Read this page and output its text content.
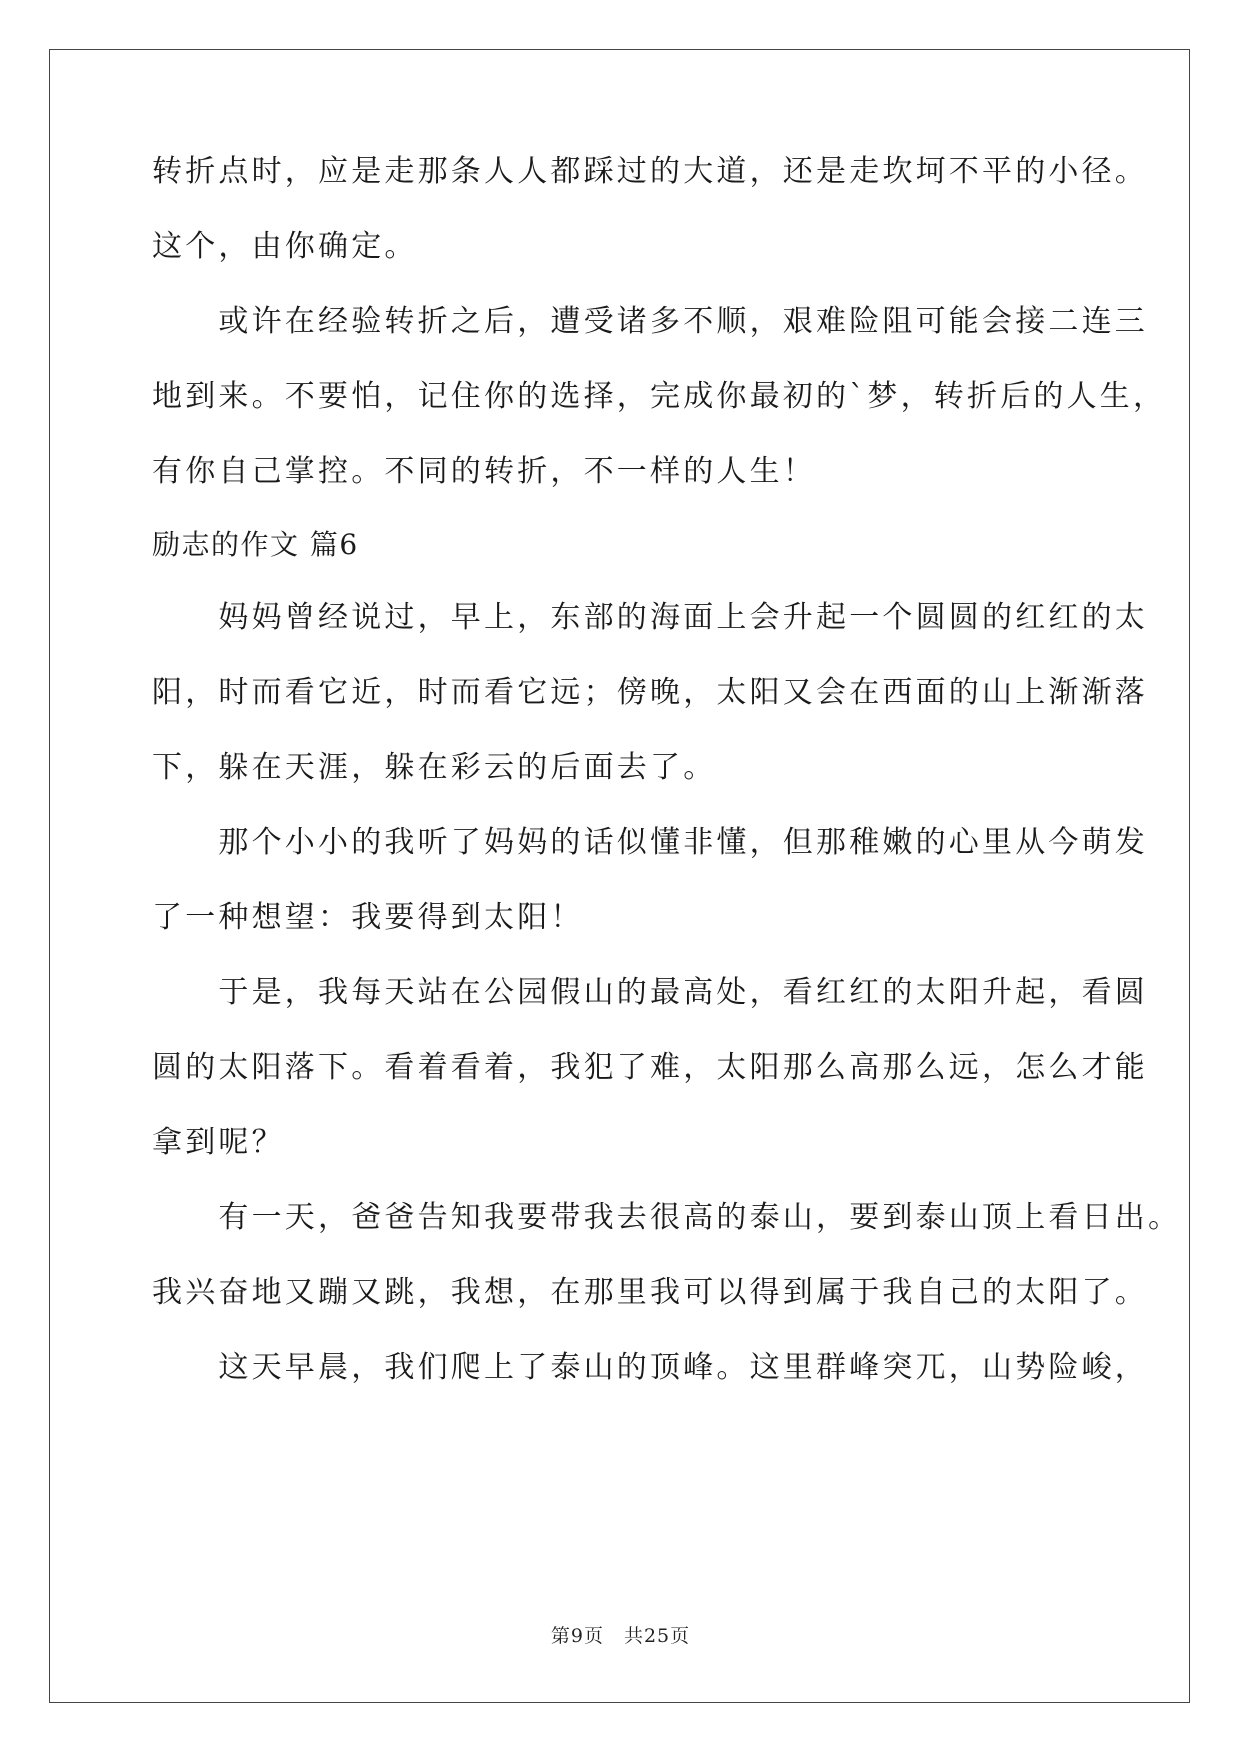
转折点时，应是走那条人人都踩过的大道，还是走坎坷不平的小径。
这个，由你确定。
　　或许在经验转折之后，遭受诸多不顺，艰难险阻可能会接二连三
地到来。不要怕，记住你的选择，完成你最初的`梦，转折后的人生，
有你自己掌控。不同的转折，不一样的人生！
励志的作文 篇6
　　妈妈曾经说过，早上，东部的海面上会升起一个圆圆的红红的太
阳，时而看它近，时而看它远；傍晚，太阳又会在西面的山上渐渐落
下，躲在天涯，躲在彩云的后面去了。
　　那个小小的我听了妈妈的话似懂非懂，但那稚嫩的心里从今萌发
了一种想望：我要得到太阳！
　　于是，我每天站在公园假山的最高处，看红红的太阳升起，看圆
圆的太阳落下。看着看着，我犯了难，太阳那么高那么远，怎么才能
拿到呢？
　　有一天，爸爸告知我要带我去很高的泰山，要到泰山顶上看日出。
我兴奋地又蹦又跳，我想，在那里我可以得到属于我自己的太阳了。
　　这天早晨，我们爬上了泰山的顶峰。这里群峰突兀，山势险峻，
第9页　共25页
